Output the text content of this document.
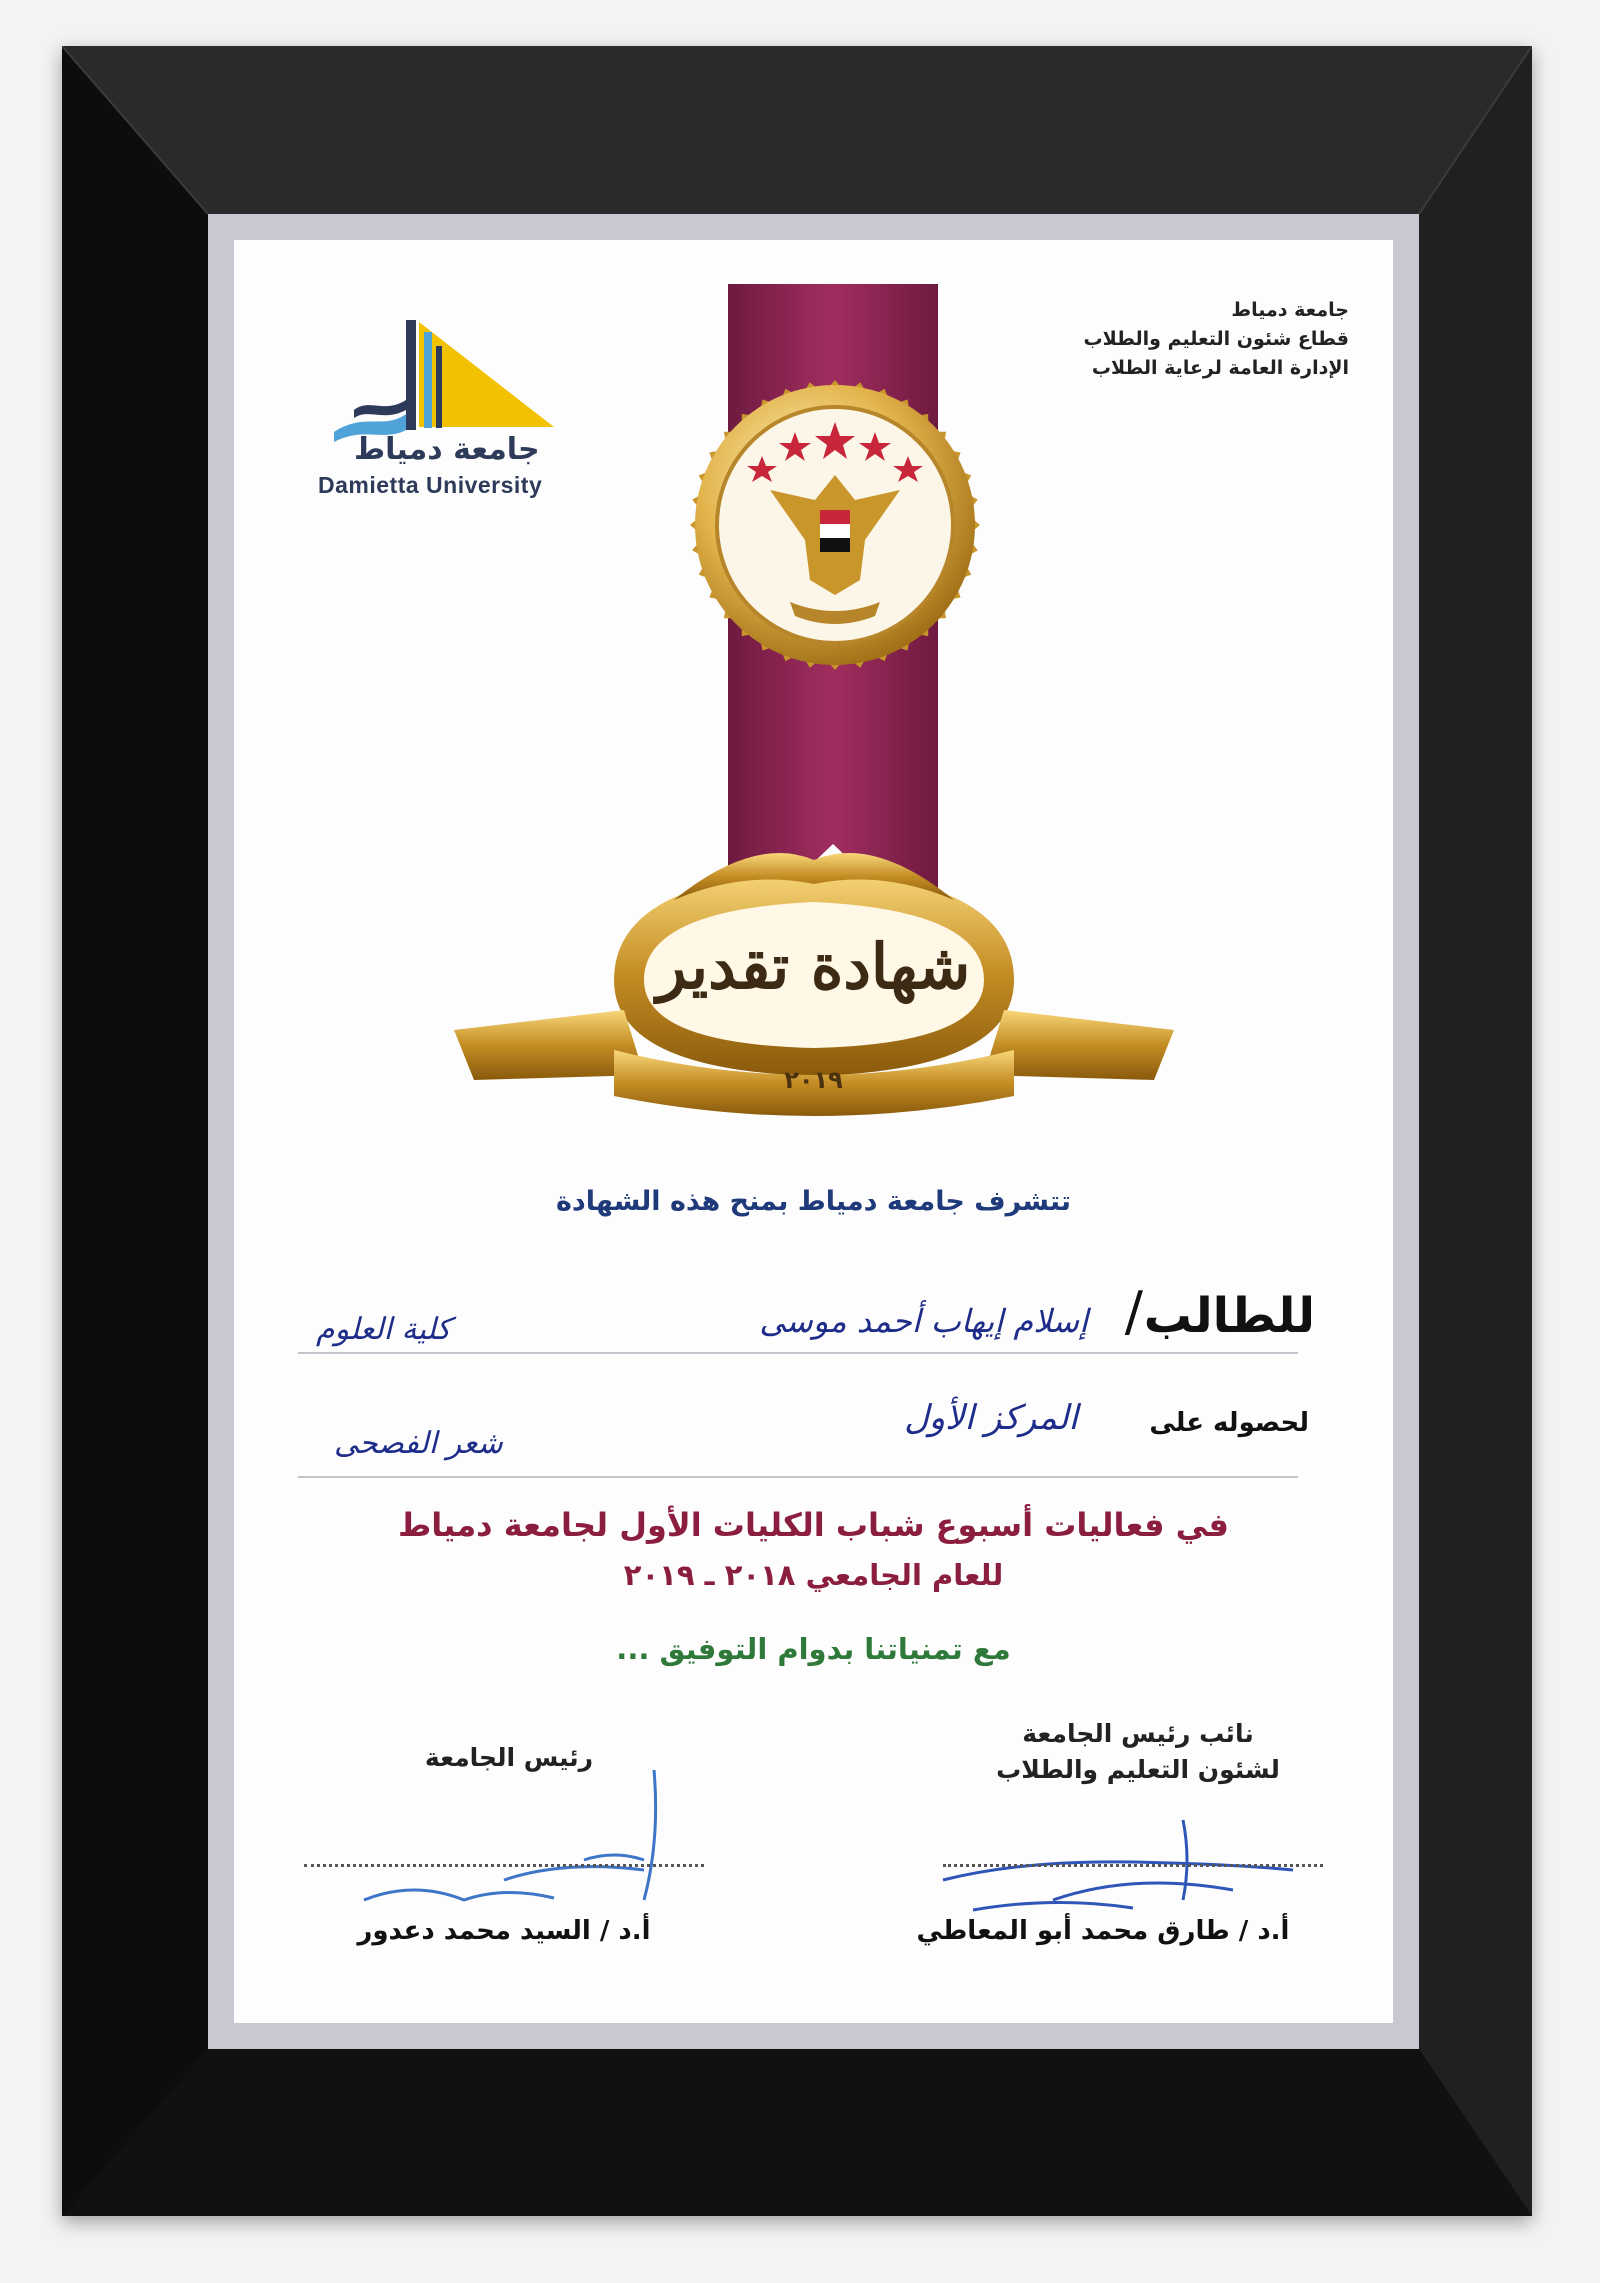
جامعة دمياط
قطاع شئون التعليم والطلاب
الإدارة العامة لرعاية الطلاب
جامعة دمياط
Damietta University
شهادة تقدير
٢٠١٩
تتشرف جامعة دمياط بمنح هذه الشهادة
للطالب
/
إسلام إيهاب أحمد موسى
كلية العلوم
لحصوله على
المركز الأول
شعر الفصحى
في فعاليات أسبوع شباب الكليات الأول لجامعة دمياط
للعام الجامعي ٢٠١٨ ـ ٢٠١٩
مع تمنياتنا بدوام التوفيق ...
نائب رئيس الجامعة
لشئون التعليم والطلاب
رئيس الجامعة
أ.د / طارق محمد أبو المعاطي
أ.د / السيد محمد دعدور
